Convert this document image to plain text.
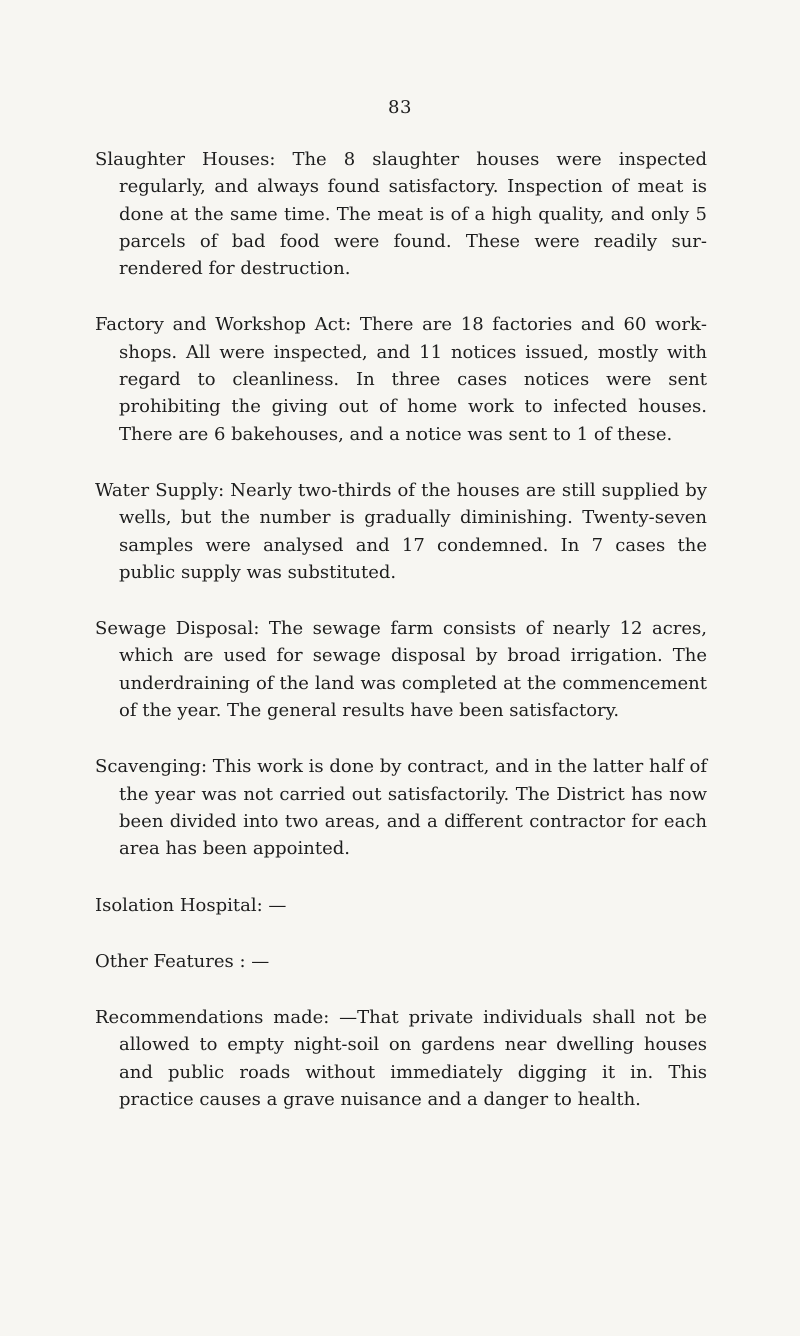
83

Slaughter Houses: The 8 slaughter houses were inspected regularly, and always found satisfactory. Inspection of meat is done at the same time. The meat is of a high quality, and only 5 parcels of bad food were found. These were readily surrendered for destruction.

Factory and Workshop Act: There are 18 factories and 60 workshops. All were inspected, and 11 notices issued, mostly with regard to cleanliness. In three cases notices were sent prohibiting the giving out of home work to infected houses. There are 6 bakehouses, and a notice was sent to 1 of these.

Water Supply: Nearly two-thirds of the houses are still supplied by wells, but the number is gradually diminishing. Twenty-seven samples were analysed and 17 condemned. In 7 cases the public supply was substituted.

Sewage Disposal: The sewage farm consists of nearly 12 acres, which are used for sewage disposal by broad irrigation. The underdraining of the land was completed at the commencement of the year. The general results have been satisfactory.

Scavenging: This work is done by contract, and in the latter half of the year was not carried out satisfactorily. The District has now been divided into two areas, and a different contractor for each area has been appointed.

Isolation Hospital: —

Other Features : —

Recommendations made: —That private individuals shall not be allowed to empty night-soil on gardens near dwelling houses and public roads without immediately digging it in. This practice causes a grave nuisance and a danger to health.
